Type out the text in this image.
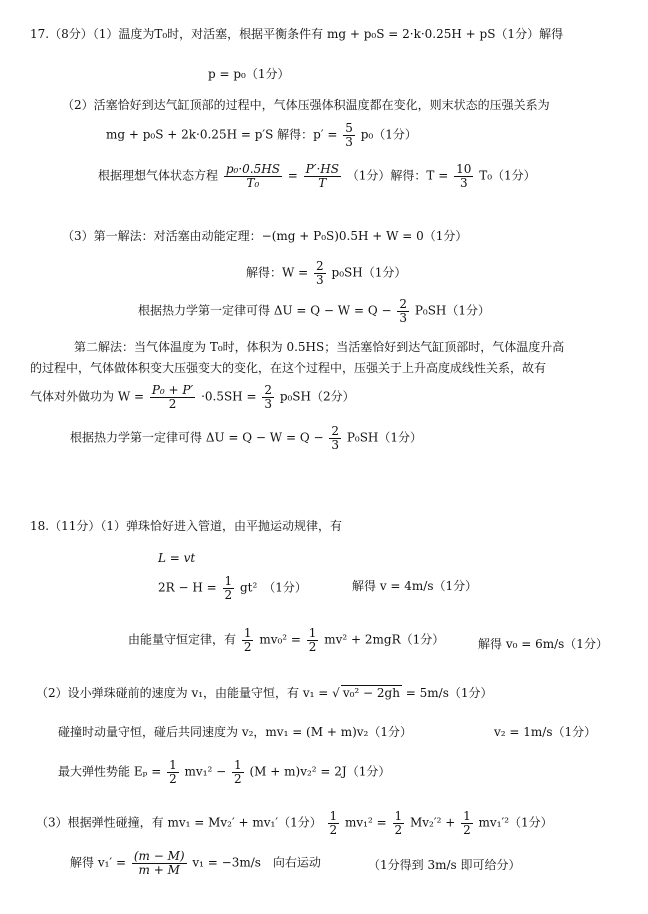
17.（8分）（1）温度为T₀时，对活塞，根据平衡条件有 mg + p₀S = 2·k·0.25H + pS（1分）解得
p = p₀（1分）
（2）活塞恰好到达气缸顶部的过程中，气体压强体积温度都在变化，则末状态的压强关系为
mg + p₀S + 2k·0.25H = p′S 解得：$p' = \frac{5}{3} p_0(1$分）
根据理想气体状态方程 $\frac{\text{p₀·0.5HS}}{\text{T₀}} = \frac{P'\cdot HS}{T} (1$分）解得：$T = \frac{10}{3} T_0(1$分）
（3）第一解法：对活塞由动能定理：−(mg + P₀S)0.5H + W = 0（1分）
解得：$W = \frac{2}{3} p_0SH(1$分）
根据热力学第一定律可得 $\Delta U = Q - W = Q - \frac{2}{3} P_0SH(1$分）
第二解法：当气体温度为 T₀时，体积为 0.5HS；当活塞恰好到达气缸顶部时，气体温度升高
的过程中，气体做体积变大压强变大的变化，在这个过程中，压强关于上升高度成线性关系，故有
气体对外做功为 $W = \frac{\text{P₀ + P′}}{2} \cdot 0.5SH = \frac{2}{3} p_0SH(2$分）
根据热力学第一定律可得 $\Delta U = Q - W = Q - \frac{2}{3} P_0SH(1$分）
18.（11分）（1）弹珠恰好进入管道，由平抛运动规律，有
L = vt
$2R - H = \frac{1}{2} gt^2$　（1分）	解得 v = 4m/s（1分）
由能量守恒定律，有 $\frac{1}{2} mv_0^2 = \frac{1}{2} mv^2 + 2mgR(1$分）	解得 v₀ = 6m/s（1分）
（2）设小弹珠碰前的速度为 v₁，由能量守恒，有 v₁ = √ v₀² − 2gh = 5m/s（1分）
碰撞时动量守恒，碰后共同速度为 v₂，mv₁ = (M + m)v₂（1分）	v₂ = 1m/s（1分）
最大弹性势能 $E_p = \frac{1}{2} mv_1^2 - \frac{1}{2} (M + m)v_2^2 = 2J(1$分）
（3）根据弹性碰撞，有 mv₁ = Mv₂′ + mv₁′（1分） $\frac{1}{2} mv_1^2 = \frac{1}{2} Mv_2'^2 + \frac{1}{2} mv_1'^2(1$分）
解得 $v_1' = \frac{(m - M)}{m + M} v_1 = -3m/s$　向右运动	（1分得到 3m/s 即可给分）
